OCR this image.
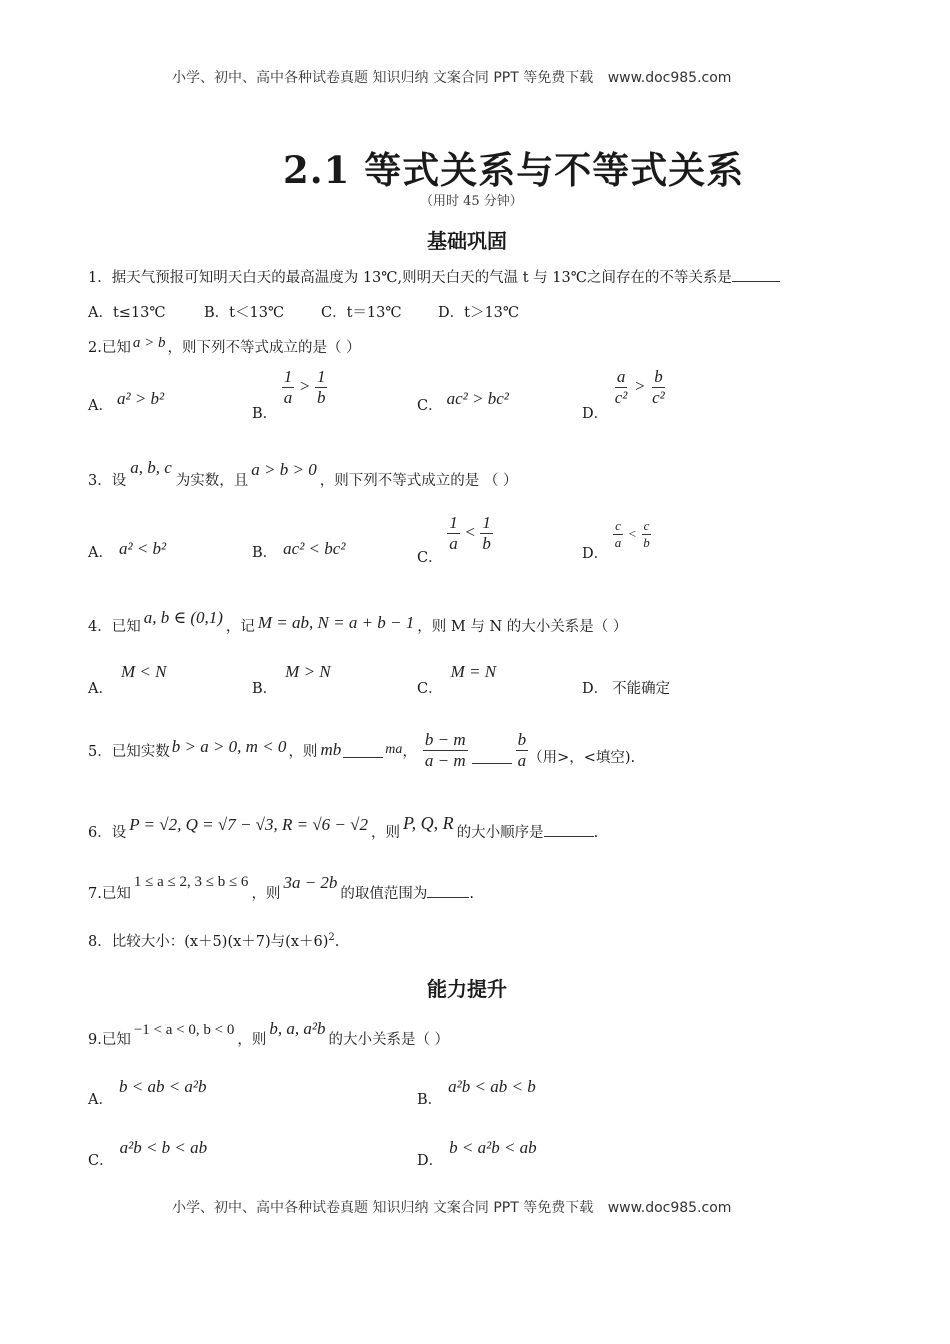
小学、初中、高中各种试卷真题 知识归纳 文案合同 PPT 等免费下载 www.doc985.com
2.1 等式关系与不等式关系
（用时 45 分钟）
基础巩固
1．据天气预报可知明天白天的最高温度为 13℃,则明天白天的气温 t 与 13℃之间存在的不等关系是
A．t≤13℃	B．t＜13℃	C．t＝13℃	D．t＞13℃
2.已知 a > b ，则下列不等式成立的是（ ）
A． a² > b²
B．
$\frac{1}{a} > \frac{1}{b}$	C． ac² > bc²
D．
$\frac{a}{\text{c²}} > \frac{b}{\text{c²}}$
3．设a, b, c为实数，且a > b > 0，则下列不等式成立的是 （ ）
A． a² < b²	B． ac² < bc²
C．
$\frac{1}{a} < \frac{1}{b}$
D．
$\frac{c}{a} < \frac{c}{b}$
4．已知 a, b ∈ (0,1) ，记 M = ab, N = a + b − 1 ，则 M 与 N 的大小关系是（ ）
A．M < N
B．M > N
C．M = N
D． 不能确定
5．已知实数 b > a > 0, m < 0 ，则 mb	ma ， $\frac{b - m}{a - m}$	$\frac{b}{a}$ （用>，<填空).
6．设 P = √2, Q = √7 − √3, R = √6 − √2 ，则 P, Q, R 的大小顺序是	.
7.已知1 ≤ a ≤ 2, 3 ≤ b ≤ 6，则3a − 2b的取值范围为	.
8．比较大小：(x＋5)(x＋7)与$(x+6)^2$.
能力提升
9.已知−1 < a < 0, b < 0，则b, a, a²b的大小关系是（ ）
A．b < ab < a²b
B．a²b < ab < b
C．a²b < b < ab
D．b < a²b < ab
小学、初中、高中各种试卷真题 知识归纳 文案合同 PPT 等免费下载 www.doc985.com
